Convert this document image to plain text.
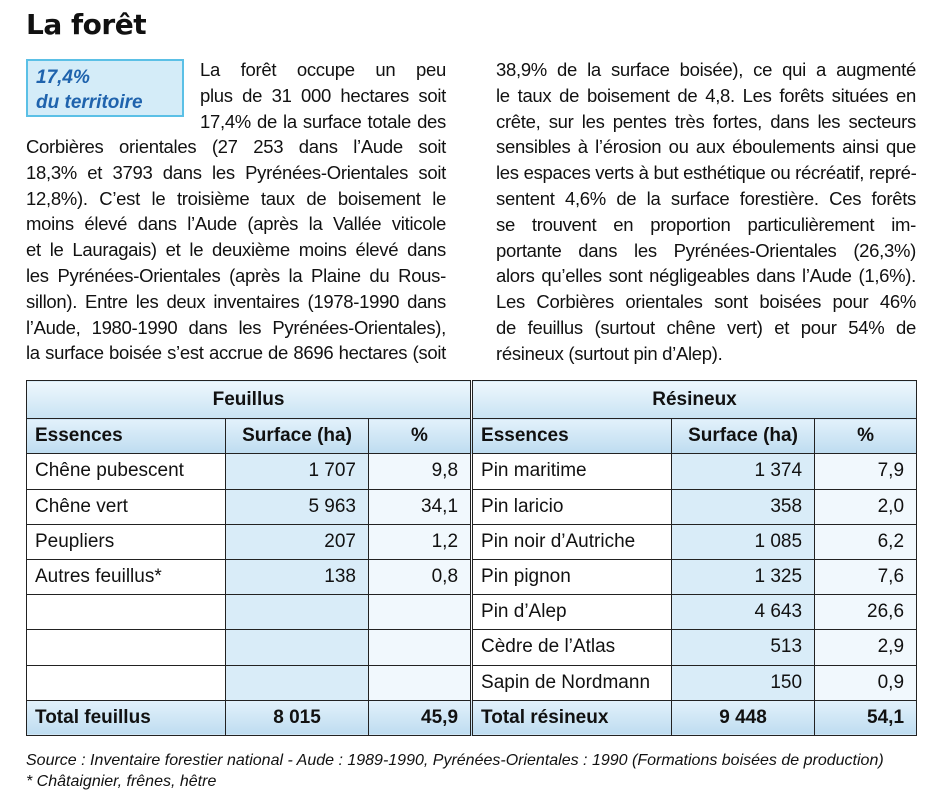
La forêt
17,4%
du territoire
La forêt occupe un peu
plus de 31 000 hectares soit
17,4% de la surface totale des
Corbières orientales (27 253 dans l’Aude soit
18,3% et 3793 dans les Pyrénées-Orientales soit
12,8%). C’est le troisième taux de boisement le
moins élevé dans l’Aude (après la Vallée viticole
et le Lauragais) et le deuxième moins élevé dans
les Pyrénées-Orientales (après la Plaine du Rous-
sillon). Entre les deux inventaires (1978-1990 dans
l’Aude, 1980-1990 dans les Pyrénées-Orientales),
la surface boisée s’est accrue de 8696 hectares (soit
38,9% de la surface boisée), ce qui a augmenté
le taux de boisement de 4,8. Les forêts situées en
crête, sur les pentes très fortes, dans les secteurs
sensibles à l’érosion ou aux éboulements ainsi que
les espaces verts à but esthétique ou récréatif, repré-
sentent 4,6% de la surface forestière. Ces forêts
se trouvent en proportion particulièrement im-
portante dans les Pyrénées-Orientales (26,3%)
alors qu’elles sont négligeables dans l’Aude (1,6%).
Les Corbières orientales sont boisées pour 46%
de feuillus (surtout chêne vert) et pour 54% de
résineux (surtout pin d’Alep).
Feuillus				Résineux		
Essences	Surface (ha)	%		Essences	Surface (ha)	%
Chêne pubescent	1 707	9,8		Pin maritime	1 374	7,9
Chêne vert	5 963	34,1		Pin laricio	358	2,0
Peupliers	207	1,2		Pin noir d’Autriche	1 085	6,2
Autres feuillus*	138	0,8		Pin pignon	1 325	7,6
				Pin d’Alep	4 643	26,6
				Cèdre de l’Atlas	513	2,9
				Sapin de Nordmann	150	0,9
Total feuillus	8 015	45,9		Total résineux	9 448	54,1
Source : Inventaire forestier national - Aude : 1989-1990, Pyrénées-Orientales : 1990 (Formations boisées de production)
* Châtaignier, frênes, hêtre
